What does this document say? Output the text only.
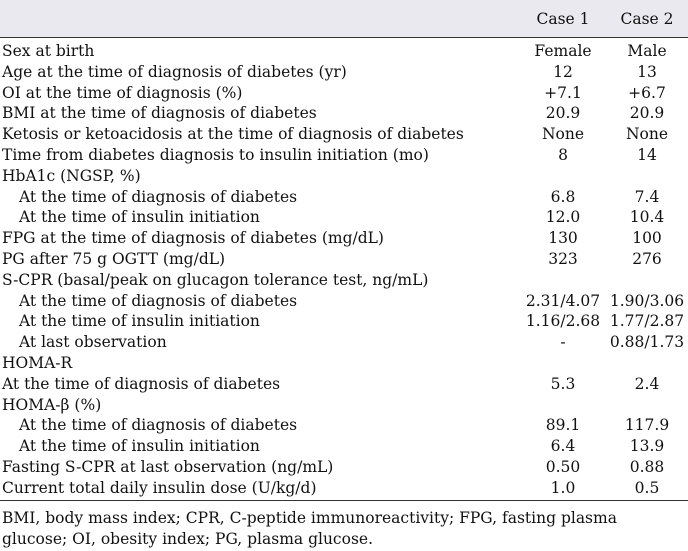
Case 1	Case 2
Sex at birth	Female	Male
Age at the time of diagnosis of diabetes (yr)	12	13
OI at the time of diagnosis (%)	+7.1	+6.7
BMI at the time of diagnosis of diabetes	20.9	20.9
Ketosis or ketoacidosis at the time of diagnosis of diabetes	None	None
Time from diabetes diagnosis to insulin initiation (mo)	8	14
HbA1c (NGSP, %)
At the time of diagnosis of diabetes	6.8	7.4
At the time of insulin initiation	12.0	10.4
FPG at the time of diagnosis of diabetes (mg/dL)	130	100
PG after 75 g OGTT (mg/dL)	323	276
S-CPR (basal/peak on glucagon tolerance test, ng/mL)
At the time of diagnosis of diabetes	2.31/4.07 1.90/3.06
At the time of insulin initiation	1.16/2.68 1.77/2.87
At last observation	-	0.88/1.73
HOMA-R
At the time of diagnosis of diabetes	5.3	2.4
HOMA-β (%)
At the time of diagnosis of diabetes	89.1	117.9
At the time of insulin initiation	6.4	13.9
Fasting S-CPR at last observation (ng/mL)	0.50	0.88
Current total daily insulin dose (U/kg/d)	1.0	0.5
BMI, body mass index; CPR, C-peptide immunoreactivity; FPG, fasting plasma glucose; OI, obesity index; PG, plasma glucose.
